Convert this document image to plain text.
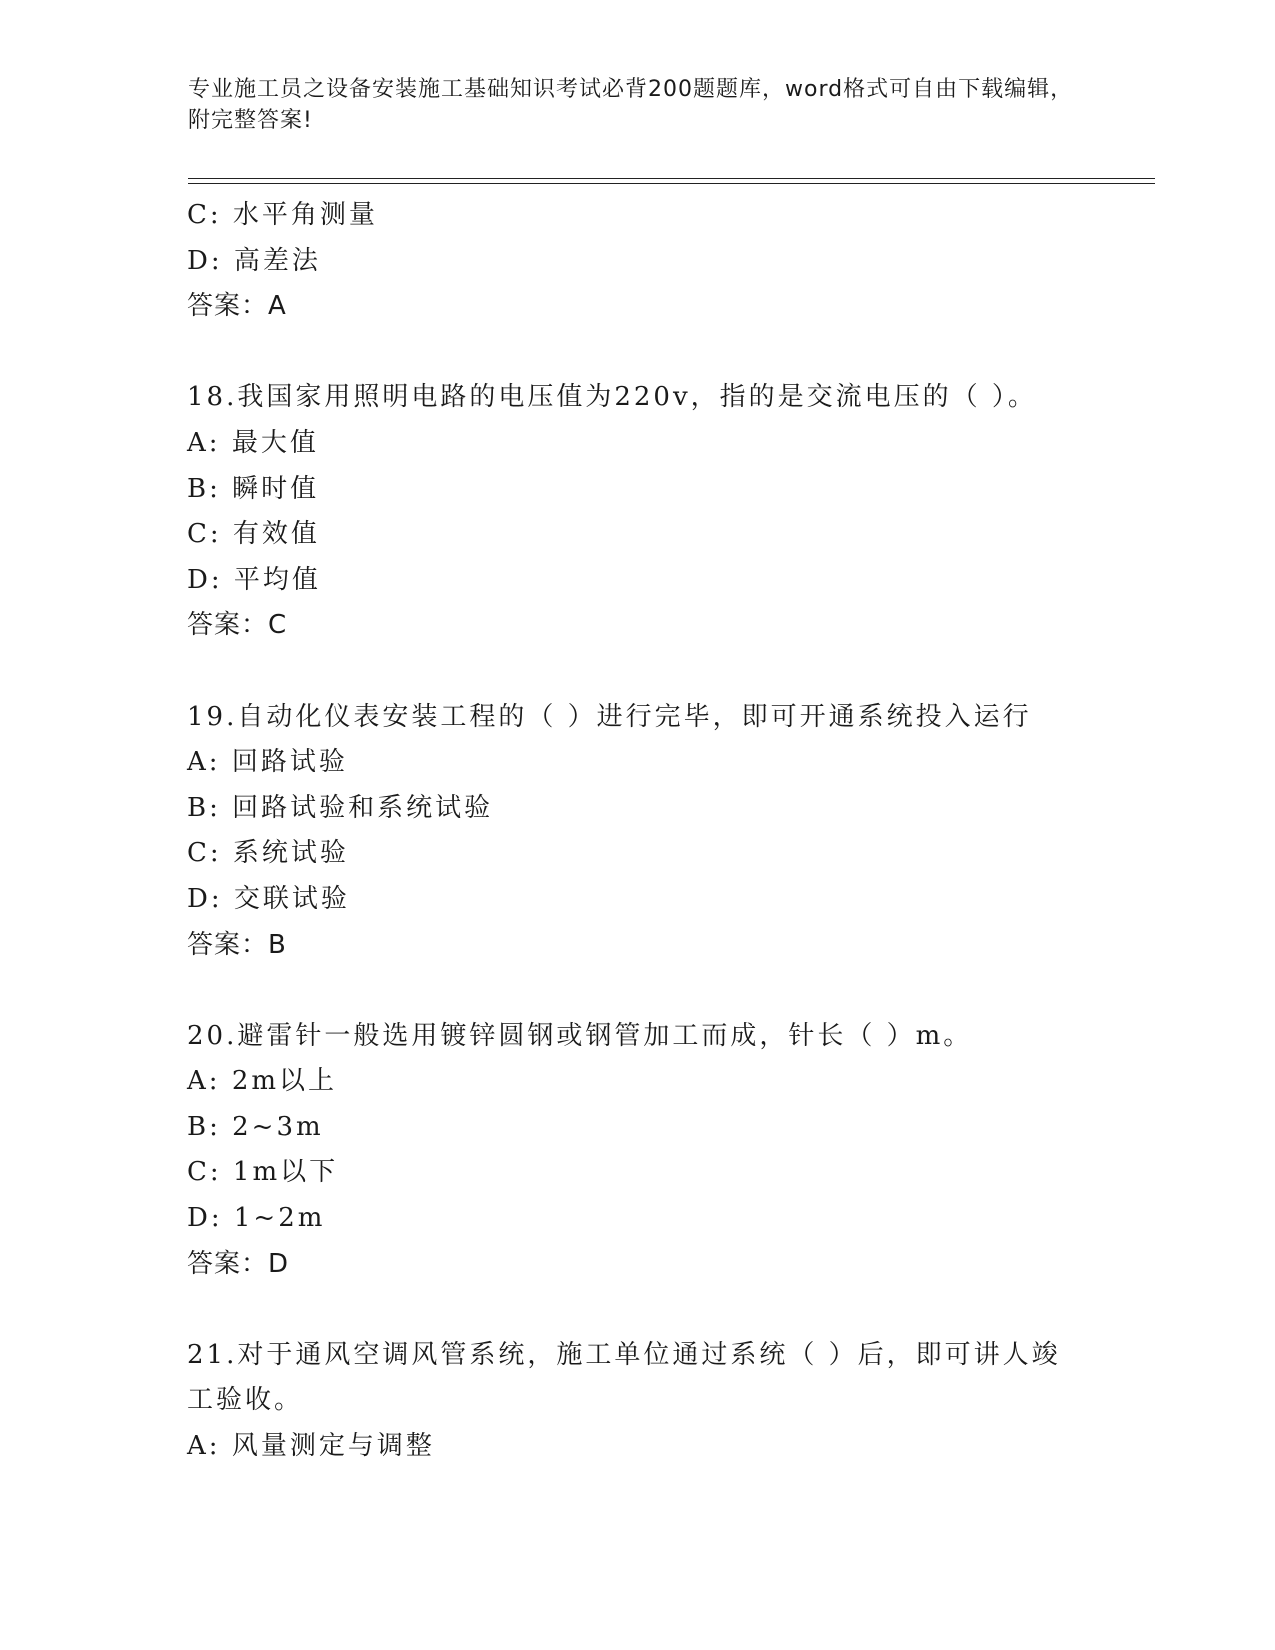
专业施工员之设备安装施工基础知识考试必背200题题库，word格式可自由下载编辑，附完整答案!
C: 水平角测量
D: 高差法
答案：A
18.我国家用照明电路的电压值为220v，指的是交流电压的（ ）。
A: 最大值
B: 瞬时值
C: 有效值
D: 平均值
答案：C
19.自动化仪表安装工程的（ ）进行完毕，即可开通系统投入运行
A: 回路试验
B: 回路试验和系统试验
C: 系统试验
D: 交联试验
答案：B
20.避雷针一般选用镀锌圆钢或钢管加工而成，针长（ ）m。
A: 2m以上
B: 2~3m
C: 1m以下
D: 1~2m
答案：D
21.对于通风空调风管系统，施工单位通过系统（ ）后，即可讲人竣
工验收。
A: 风量测定与调整
